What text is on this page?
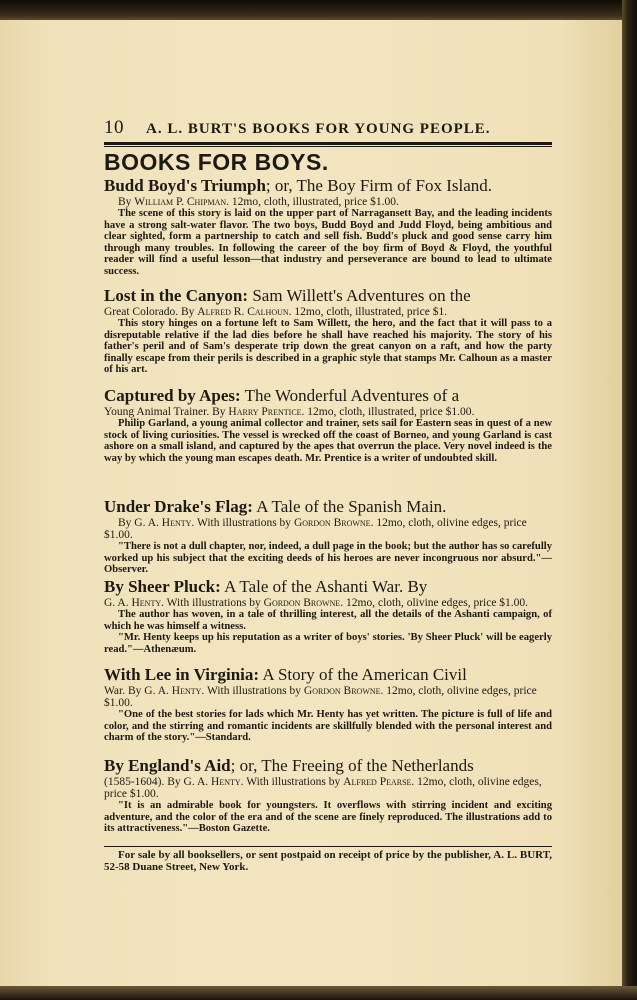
10	A. L. BURT'S BOOKS FOR YOUNG PEOPLE.
BOOKS FOR BOYS.
Budd Boyd's Triumph; or, The Boy Firm of Fox Island.
By William P. Chipman. 12mo, cloth, illustrated, price $1.00.
The scene of this story is laid on the upper part of Narragansett Bay, and the leading incidents have a strong salt-water flavor. The two boys, Budd Boyd and Judd Floyd, being ambitious and clear sighted, form a partnership to catch and sell fish. Budd's pluck and good sense carry him through many troubles. In following the career of the boy firm of Boyd & Floyd, the youthful reader will find a useful lesson—that industry and perseverance are bound to lead to ultimate success.
Lost in the Canyon: Sam Willett's Adventures on the
Great Colorado. By Alfred R. Calhoun. 12mo, cloth, illustrated, price $1.
This story hinges on a fortune left to Sam Willett, the hero, and the fact that it will pass to a disreputable relative if the lad dies before he shall have reached his majority. The story of his father's peril and of Sam's desperate trip down the great canyon on a raft, and how the party finally escape from their perils is described in a graphic style that stamps Mr. Calhoun as a master of his art.
Captured by Apes: The Wonderful Adventures of a
Young Animal Trainer. By Harry Prentice. 12mo, cloth, illustrated, price $1.00.
Philip Garland, a young animal collector and trainer, sets sail for Eastern seas in quest of a new stock of living curiosities. The vessel is wrecked off the coast of Borneo, and young Garland is cast ashore on a small island, and captured by the apes that overrun the place. Very novel indeed is the way by which the young man escapes death. Mr. Prentice is a writer of undoubted skill.
Under Drake's Flag: A Tale of the Spanish Main.
By G. A. Henty. With illustrations by Gordon Browne. 12mo, cloth, olivine edges, price $1.00.
"There is not a dull chapter, nor, indeed, a dull page in the book; but the author has so carefully worked up his subject that the exciting deeds of his heroes are never incongruous nor absurd."—Observer.
By Sheer Pluck: A Tale of the Ashanti War. By
G. A. Henty. With illustrations by Gordon Browne. 12mo, cloth, olivine edges, price $1.00.
The author has woven, in a tale of thrilling interest, all the details of the Ashanti campaign, of which he was himself a witness.
"Mr. Henty keeps up his reputation as a writer of boys' stories. 'By Sheer Pluck' will be eagerly read."—Athenæum.
With Lee in Virginia: A Story of the American Civil
War. By G. A. Henty. With illustrations by Gordon Browne. 12mo, cloth, olivine edges, price $1.00.
"One of the best stories for lads which Mr. Henty has yet written. The picture is full of life and color, and the stirring and romantic incidents are skillfully blended with the personal interest and charm of the story."—Standard.
By England's Aid; or, The Freeing of the Netherlands
(1585-1604). By G. A. Henty. With illustrations by Alfred Pearse. 12mo, cloth, olivine edges, price $1.00.
"It is an admirable book for youngsters. It overflows with stirring incident and exciting adventure, and the color of the era and of the scene are finely reproduced. The illustrations add to its attractiveness."—Boston Gazette.
For sale by all booksellers, or sent postpaid on receipt of price by the publisher, A. L. BURT, 52-58 Duane Street, New York.
